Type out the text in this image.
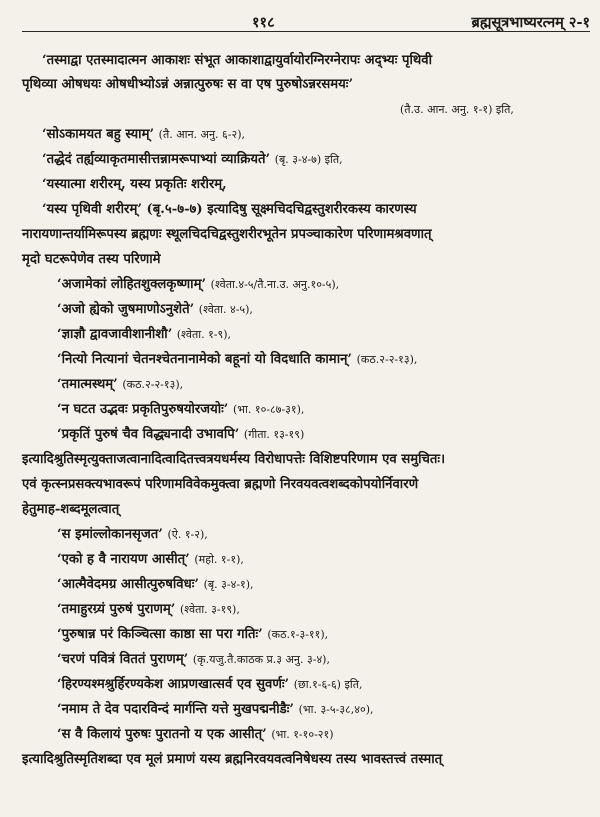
११८	ब्रह्मसूत्रभाष्यरत्नम् २-१
‘तस्माद्वा एतस्मादात्मन आकाशः संभूत आकाशाद्वायुर्वायोरग्निरग्नेरापः अद्भ्यः पृथिवी
पृथिव्या ओषधयः ओषधीभ्योऽन्नं अन्नात्पुरुषः स वा एष पुरुषोऽन्नरसमयः’
(तै.उ. आन. अनु. १-१) इति,
‘सोऽकामयत बहु स्याम्’ (तै. आन. अनु. ६-२),
‘तद्धेदं तर्ह्यव्याकृतमासीत्तन्नामरूपाभ्यां व्याक्रियते’ (बृ. ३-४-७) इति,
‘यस्यात्मा शरीरम्, यस्य प्रकृतिः शरीरम्,
‘यस्य पृथिवी शरीरम्’ (बृ.५-७-७) इत्यादिषु सूक्ष्मचिदचिद्वस्तुशरीरकस्य कारणस्य
नारायणान्तर्यामिरूपस्य ब्रह्मणः स्थूलचिदचिद्वस्तुशरीरभूतेन प्रपञ्चाकारेण परिणामश्रवणात्
मृदो घटरूपेणेव तस्य परिणामे
‘अजामेकां लोहितशुक्लकृष्णाम्’ (श्वेता.४-५/तै.ना.उ. अनु.१०-५),
‘अजो ह्येको जुषमाणोऽनुशेते’ (श्वेता. ४-५),
‘ज्ञाज्ञौ द्वावजावीशानीशौ’ (श्वेता. १-९),
‘नित्यो नित्यानां चेतनश्चेतनानामेको बहूनां यो विदधाति कामान्’ (कठ.२-२-१३),
‘तमात्मस्थम्’ (कठ.२-२-१३),
‘न घटत उद्भवः प्रकृतिपुरुषयोरजयोः’ (भा. १०-८७-३१),
‘प्रकृतिं पुरुषं चैव विद्ध्यनादी उभावपि’ (गीता. १३-१९)
इत्यादिश्रुतिस्मृत्युक्ताजत्वानादित्वादितत्त्वत्रयधर्मस्य विरोधापत्तेः विशिष्टपरिणाम एव समुचितः।
एवं कृत्स्नप्रसक्त्यभावरूपं परिणामविवेकमुक्त्वा ब्रह्मणो निरवयवत्वशब्दकोपयोर्निवारणे
हेतुमाह-शब्दमूलत्वात्
‘स इमांल्लोकानसृजत’ (ऐ. १-२),
‘एको ह वै नारायण आसीत्’ (महो. १-१),
‘आत्मैवेदमग्र आसीत्पुरुषविधः’ (बृ. ३-४-१),
‘तमाहुरग्र्यं पुरुषं पुराणम्’ (श्वेता. ३-१९),
‘पुरुषान्न परं किञ्चित्सा काष्ठा सा परा गतिः’ (कठ.१-३-११),
‘चरणं पवित्रं विततं पुराणम्’ (कृ.यजु.तै.काठक प्र.३ अनु. ३-४),
‘हिरण्यश्मश्रुर्हिरण्यकेश आप्रणखात्सर्व एव सुवर्णः’ (छा.१-६-६) इति,
‘नमाम ते देव पदारविन्दं मार्गन्ति यत्ते मुखपद्मनीडैः’ (भा. ३-५-३८,४०),
‘स वै किलायं पुरुषः पुरातनो य एक आसीत्’ (भा. १-१०-२१)
इत्यादिश्रुतिस्मृतिशब्दा एव मूलं प्रमाणं यस्य ब्रह्मनिरवयवत्वनिषेधस्य तस्य भावस्तत्त्वं तस्मात्
